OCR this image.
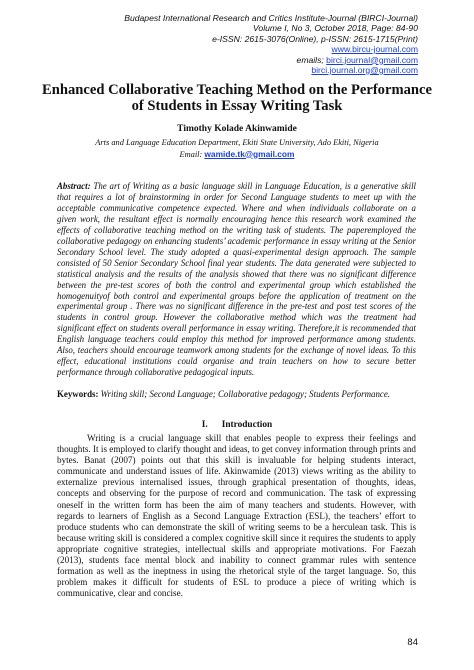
Budapest International Research and Critics Institute-Journal (BIRCI-Journal)
Volume I, No 3, October 2018, Page: 84-90
e-ISSN: 2615-3076(Online), p-ISSN: 2615-1715(Print)
www.bircu-journal.com
emails; birci.journal@gmail.com
birci.journal.org@gmail.com
Enhanced Collaborative Teaching Method on the Performance of Students in Essay Writing Task
Timothy Kolade Akinwamide
Arts and Language Education Department, Ekiti State University, Ado Ekiti, Nigeria
Email: wamide.tk@gmail.com
Abstract: The art of Writing as a basic language skill in Language Education, is a generative skill that requires a lot of brainstorming in order for Second Language students to meet up with the acceptable communicative competence expected. Where and when individuals collaborate on a given work, the resultant effect is normally encouraging hence this research work examined the effects of collaborative teaching method on the writing task of students. The paperemployed the collaborative pedagogy on enhancing students’ academic performance in essay writing at the Senior Secondary School level. The study adopted a quasi-experimental design approach. The sample consisted of 50 Senior Secondary School final year students. The data generated were subjected to statistical analysis and the results of the analysis showed that there was no significant difference between the pre-test scores of both the control and experimental group which established the homogenuityof both control and experimental groups before the application of treatment on the experimental group . There was no significant difference in the pre-test and post test scores of the students in control group. However the collaborative method which was the treatment had significant effect on students overall performance in essay writing. Therefore,it is recommended that English language teachers could employ this method for improved performance among students. Also, teachers should encourage teamwork among students for the exchange of novel ideas. To this effect, educational institutions could organise and train teachers on how to secure better performance through collaborative pedagogical inputs.
Keywords: Writing skill; Second Language; Collaborative pedagogy; Students Performance.
I. Introduction

Writing is a crucial language skill that enables people to express their feelings and thoughts. It is employed to clarify thought and ideas, to get convey information through prints and bytes. Banat (2007) points out that this skill is invaluable for helping students interact, communicate and understand issues of life. Akinwamide (2013) views writing as the ability to externalize previous internalised issues, through graphical presentation of thoughts, ideas, concepts and observing for the purpose of record and communication. The task of expressing oneself in the written form has been the aim of many teachers and students. However, with regards to learners of English as a Second Language Extraction (ESL), the teachers’ effort to produce students who can demonstrate the skill of writing seems to be a herculean task. This is because writing skill is considered a complex cognitive skill since it requires the students to apply appropriate cognitive strategies, intellectual skills and appropriate motivations. For Faezah (2013), students face mental block and inability to connect grammar rules with sentence formation as well as the ineptness in using the rhetorical style of the target language. So, this problem makes it difficult for students of ESL to produce a piece of writing which is communicative, clear and concise.

84
